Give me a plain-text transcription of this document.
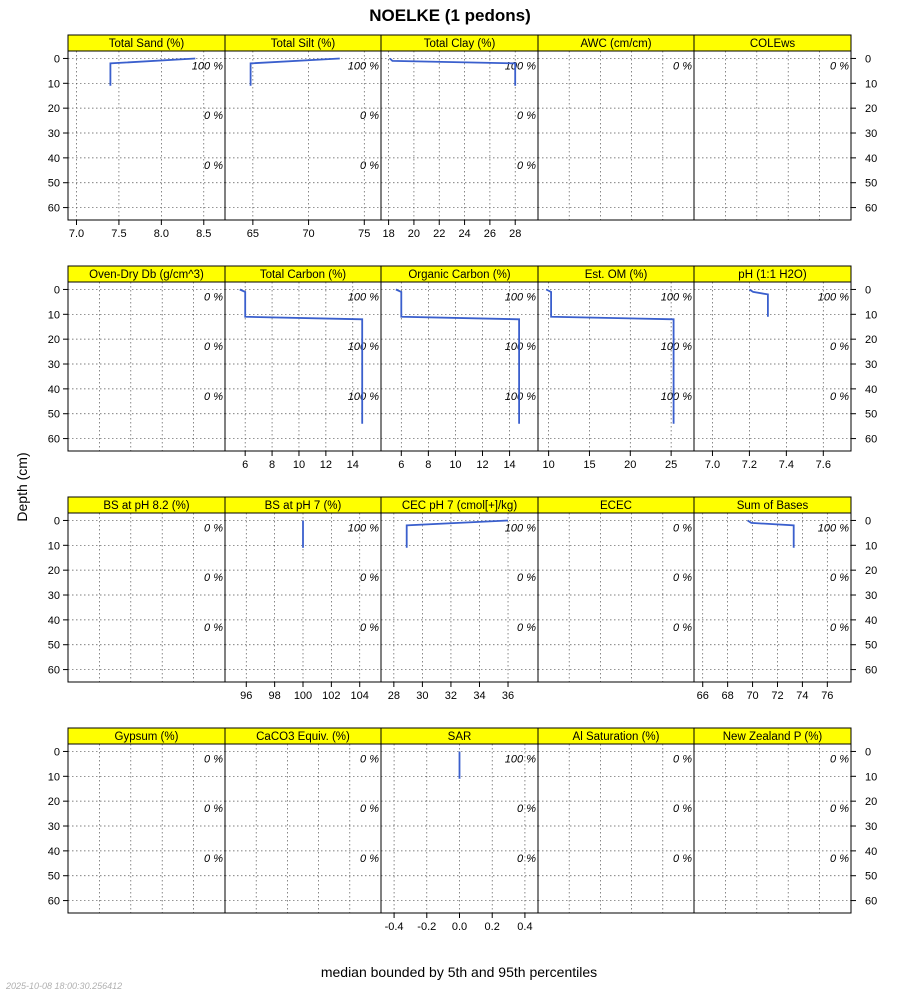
NOELKE (1 pedons)
Depth (cm)
median bounded by 5th and 95th percentiles
2025-10-08 18:00:30.256412
Total Sand (%)
100 %
0 %
0 %
7.0 7.5 8.0 8.5
Total Silt (%)
100 %
0 %
0 %
65	70	75
Total Clay (%)
100 %
0 %
0 %
18 20 22 24 26 28
AWC (cm/cm)
0 %
COLEws
0 %
0	0
10	10
20	20
30	30
40	40
50	50
60	60
Oven-Dry Db (g/cm^3)
0 %
0 %
0 %
Total Carbon (%)
100 %
100 %
100 %
6 8 10 12 14
Organic Carbon (%)
100 %
100 %
100 %
6 8 10 12 14
Est. OM (%)
100 %
100 %
100 %
10	15	20	25
pH (1:1 H2O)
100 %
0 %
0 %
7.0 7.2 7.4 7.6
0	0
10	10
20	20
30	30
40	40
50	50
60	60
BS at pH 8.2 (%)
0 %
0 %
0 %
BS at pH 7 (%)
100 %
0 %
0 %
96 98 100 102 104
CEC pH 7 (cmol[+]/kg)
100 %
0 %
0 %
28 30 32 34 36
ECEC
0 %
0 %
0 %
Sum of Bases
100 %
0 %
0 %
66 68 70 72 74 76
0	0
10	10
20	20
30	30
40	40
50	50
60	60
Gypsum (%)
0 %
0 %
0 %
CaCO3 Equiv. (%)
0 %
0 %
0 %
SAR
100 %
0 %
0 %
-0.4 -0.2 0.0 0.2 0.4
Al Saturation (%)
0 %
0 %
0 %
New Zealand P (%)
0 %
0 %
0 %
0	0
10	10
20	20
30	30
40	40
50	50
60	60
